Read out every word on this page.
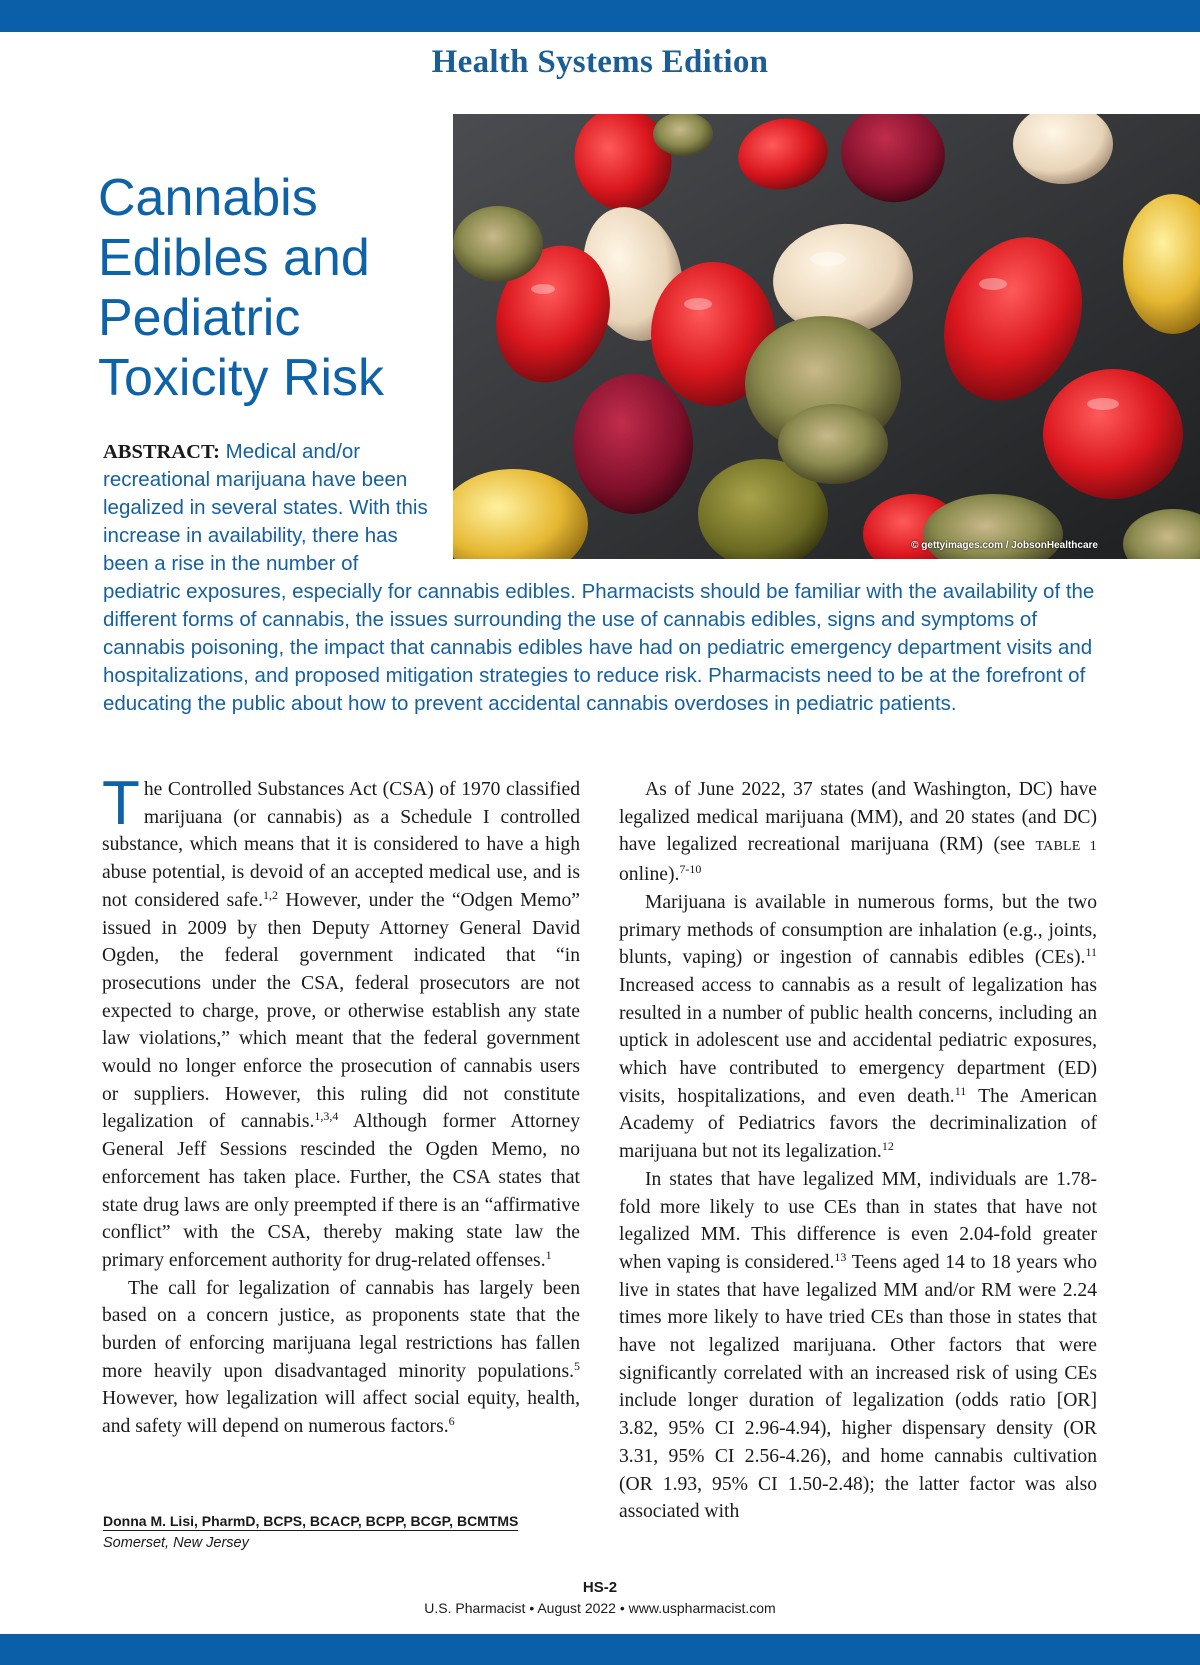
Health Systems Edition
Cannabis
Edibles and
Pediatric
Toxicity Risk
© gettyimages.com / JobsonHealthcare

ABSTRACT: Medical and/or recreational marijuana have been legalized in several states. With this increase in availability, there has been a rise in the number of pediatric exposures, especially for cannabis edibles. Pharmacists should be familiar with the availability of the different forms of cannabis, the issues surrounding the use of cannabis edibles, signs and symptoms of cannabis poisoning, the impact that cannabis edibles have had on pediatric emergency department visits and hospitalizations, and proposed mitigation strategies to reduce risk. Pharmacists need to be at the forefront of educating the public about how to prevent accidental cannabis overdoses in pediatric patients.

The Controlled Substances Act (CSA) of 1970 classified marijuana (or cannabis) as a Schedule I controlled substance, which means that it is considered to have a high abuse potential, is devoid of an accepted medical use, and is not considered safe.$^{1,2}$ However, under the “Odgen Memo” issued in 2009 by then Deputy Attorney General David Ogden, the federal government indicated that “in prosecutions under the CSA, federal prosecutors are not expected to charge, prove, or otherwise establish any state law violations,” which meant that the federal government would no longer enforce the prosecution of cannabis users or suppliers. However, this ruling did not constitute legalization of cannabis.$^{1,3,4}$ Although former Attorney General Jeff Sessions rescinded the Ogden Memo, no enforcement has taken place. Further, the CSA states that state drug laws are only preempted if there is an “affirmative conflict” with the CSA, thereby making state law the primary enforcement authority for drug-related offenses.$^1$

The call for legalization of cannabis has largely been based on a concern justice, as proponents state that the burden of enforcing marijuana legal restrictions has fallen more heavily upon disadvantaged minority populations.$^5$ However, how legalization will affect social equity, health, and safety will depend on numerous factors.$^6$

Donna M. Lisi, PharmD, BCPS, BCACP, BCPP, BCGP, BCMTMS
Somerset, New Jersey

As of June 2022, 37 states (and Washington, DC) have legalized medical marijuana (MM), and 20 states (and DC) have legalized recreational marijuana (RM) (see TABLE 1 online).$^{7-10}$

Marijuana is available in numerous forms, but the two primary methods of consumption are inhalation (e.g., joints, blunts, vaping) or ingestion of cannabis edibles (CEs).$^{11}$ Increased access to cannabis as a result of legalization has resulted in a number of public health concerns, including an uptick in adolescent use and accidental pediatric exposures, which have contributed to emergency department (ED) visits, hospitalizations, and even death.$^{11}$ The American Academy of Pediatrics favors the decriminalization of marijuana but not its legalization.$^{12}$

In states that have legalized MM, individuals are 1.78-fold more likely to use CEs than in states that have not legalized MM. This difference is even 2.04-fold greater when vaping is considered.$^{13}$ Teens aged 14 to 18 years who live in states that have legalized MM and/or RM were 2.24 times more likely to have tried CEs than those in states that have not legalized marijuana. Other factors that were significantly correlated with an increased risk of using CEs include longer duration of legalization (odds ratio [OR] 3.82, 95% CI 2.96-4.94), higher dispensary density (OR 3.31, 95% CI 2.56-4.26), and home cannabis cultivation (OR 1.93, 95% CI 1.50-2.48); the latter factor was also associated with

HS-2
U.S. Pharmacist • August 2022 • www.uspharmacist.com
